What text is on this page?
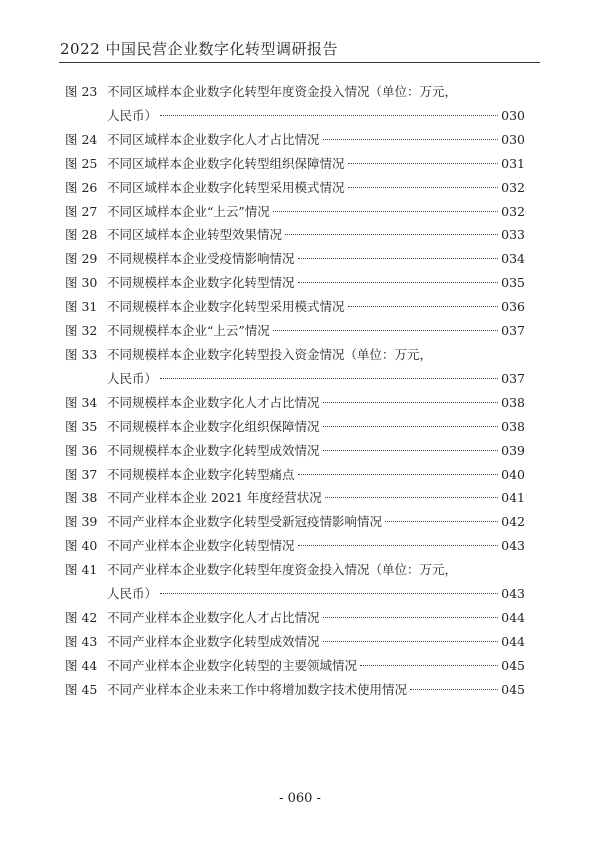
2022 中国民营企业数字化转型调研报告
图 23 不同区域样本企业数字化转型年度资金投入情况（单位：万元，
人民币）	030
图 24 不同区域样本企业数字化人才占比情况	030
图 25 不同区域样本企业数字化转型组织保障情况	031
图 26 不同区域样本企业数字化转型采用模式情况	032
图 27 不同区域样本企业“上云”情况	032
图 28 不同区域样本企业转型效果情况	033
图 29 不同规模样本企业受疫情影响情况	034
图 30 不同规模样本企业数字化转型情况	035
图 31 不同规模样本企业数字化转型采用模式情况	036
图 32 不同规模样本企业“上云”情况	037
图 33 不同规模样本企业数字化转型投入资金情况（单位：万元，
人民币）	037
图 34 不同规模样本企业数字化人才占比情况	038
图 35 不同规模样本企业数字化组织保障情况	038
图 36 不同规模样本企业数字化转型成效情况	039
图 37 不同规模样本企业数字化转型痛点	040
图 38 不同产业样本企业 2021 年度经营状况	041
图 39 不同产业样本企业数字化转型受新冠疫情影响情况	042
图 40 不同产业样本企业数字化转型情况	043
图 41 不同产业样本企业数字化转型年度资金投入情况（单位：万元，
人民币）	043
图 42 不同产业样本企业数字化人才占比情况	044
图 43 不同产业样本企业数字化转型成效情况	044
图 44 不同产业样本企业数字化转型的主要领域情况	045
图 45 不同产业样本企业未来工作中将增加数字技术使用情况	045
- 060 -
